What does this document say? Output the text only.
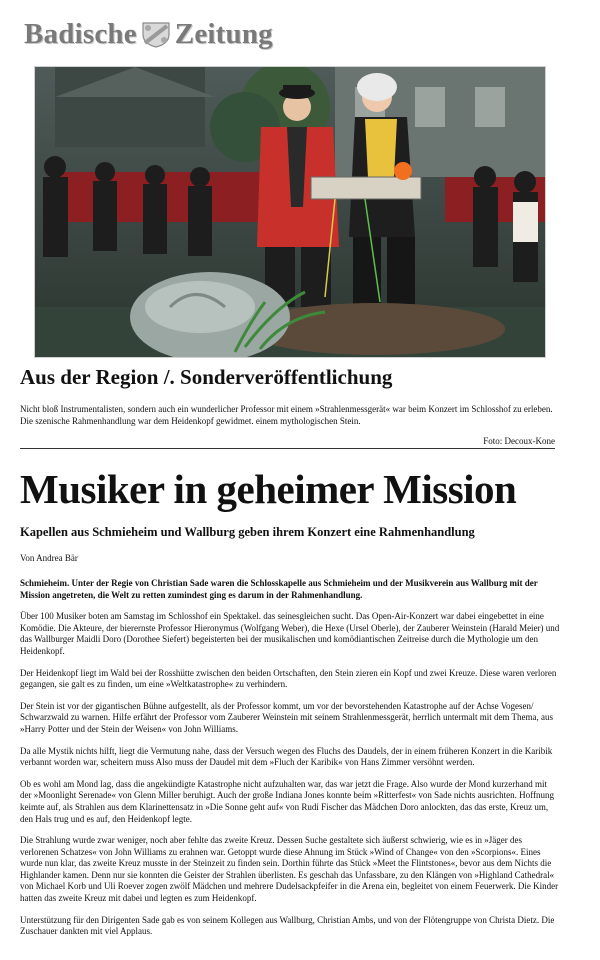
Badische Zeitung
Aus der Region /. Sonderveröffentlichung

Nicht bloß Instrumentalisten, sondern auch ein wunderlicher Professor mit einem »Strahlenmessgerät« war beim Konzert im Schlosshof zu erleben. Die szenische Rahmenhandlung war dem Heidenkopf gewidmet. einem mythologischen Stein.

Foto: Decoux-Kone
Musiker in geheimer Mission
Kapellen aus Schmieheim und Wallburg geben ihrem Konzert eine Rahmenhandlung

Von Andrea Bär

Schmieheim. Unter der Regie von Christian Sade waren die Schlosskapelle aus Schmieheim und der Musikverein aus Wallburg mit der Mission angetreten, die Welt zu retten zumindest ging es darum in der Rahmenhandlung.

Über 100 Musiker boten am Samstag im Schlosshof ein Spektakel. das seinesgleichen sucht. Das Open-Air-Konzert war dabei eingebettet in eine Komödie. Die Akteure, der bierernste Professor Hieronymus (Wolfgang Weber), die Hexe (Ursel Oberle), der Zauberer Weinstein (Harald Meier) und das Wallburger Maidli Doro (Dorothee Siefert) begeisterten bei der musikalischen und komödiantischen Zeitreise durch die Mythologie um den Heidenkopf.

Der Heidenkopf liegt im Wald bei der Rosshütte zwischen den beiden Ortschaften, den Stein zieren ein Kopf und zwei Kreuze. Diese waren verloren gegangen, sie galt es zu finden, um eine »Weltkatastrophe« zu verhindern.

Der Stein ist vor der gigantischen Bühne aufgestellt, als der Professor kommt, um vor der bevorstehenden Katastrophe auf der Achse Vogesen/ Schwarzwald zu warnen. Hilfe erfährt der Professor vom Zauberer Weinstein mit seinem Strahlenmessgerät, herrlich untermalt mit dem Thema, aus »Harry Potter und der Stein der Weisen« von John Williams.

Da alle Mystik nichts hilft, liegt die Vermutung nahe, dass der Versuch wegen des Fluchs des Daudels, der in einem früheren Konzert in die Karibik verbannt worden war, scheitern muss Also muss der Daudel mit dem »Fluch der Karibik« von Hans Zimmer versöhnt werden.

Ob es wohl am Mond lag, dass die angekündigte Katastrophe nicht aufzuhalten war, das war jetzt die Frage. Also wurde der Mond kurzerhand mit der »Moonlight Serenade« von Glenn Miller beruhigt. Auch der große Indiana Jones konnte beim »Ritterfest« von Sade nichts ausrichten. Hoffnung keimte auf, als Strahlen aus dem Klarinettensatz in »Die Sonne geht auf« von Rudi Fischer das Mädchen Doro anlockten, das das erste, Kreuz um, den Hals trug und es auf, den Heidenkopf legte.

Die Strahlung wurde zwar weniger, noch aber fehlte das zweite Kreuz. Dessen Suche gestaltete sich äußerst schwierig, wie es in »Jäger des verlorenen Schatzes« von John Williams zu erahnen war. Getoppt wurde diese Ahnung im Stück »Wind of Change« von den »Scorpions«. Eines wurde nun klar, das zweite Kreuz musste in der Steinzeit zu finden sein. Dorthin führte das Stück »Meet the Flintstones«, bevor aus dem Nichts die Highlander kamen. Denn nur sie konnten die Geister der Strahlen überlisten. Es geschah das Unfassbare, zu den Klängen von »Highland Cathedral« von Michael Korb und Uli Roever zogen zwölf Mädchen und mehrere Dudelsackpfeifer in die Arena ein, begleitet von einem Feuerwerk. Die Kinder hatten das zweite Kreuz mit dabei und legten es zum Heidenkopf.

Unterstützung für den Dirigenten Sade gab es von seinem Kollegen aus Wallburg, Christian Ambs, und von der Flötengruppe von Christa Dietz. Die Zuschauer dankten mit viel Applaus.
